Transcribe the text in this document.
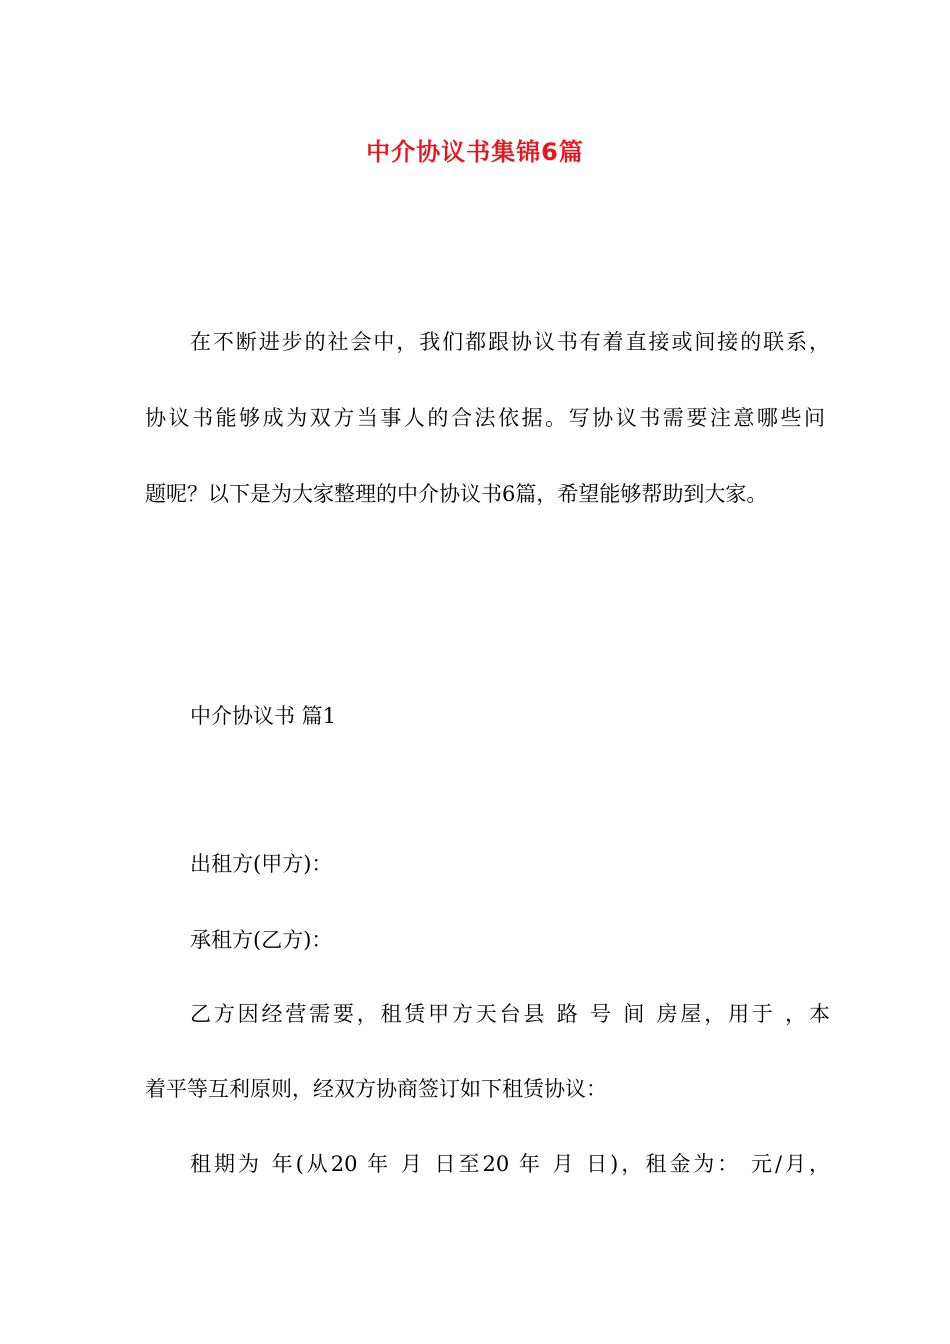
中介协议书集锦6篇
在不断进步的社会中，我们都跟协议书有着直接或间接的联系，
协议书能够成为双方当事人的合法依据。写协议书需要注意哪些问
题呢？以下是为大家整理的中介协议书6篇，希望能够帮助到大家。
中介协议书 篇1
出租方(甲方)：
承租方(乙方)：
乙方因经营需要，租赁甲方天台县 路 号 间 房屋，用于 ，本
着平等互利原则，经双方协商签订如下租赁协议：
租期为 年(从20 年 月 日至20 年 月 日)，租金为： 元/月，
